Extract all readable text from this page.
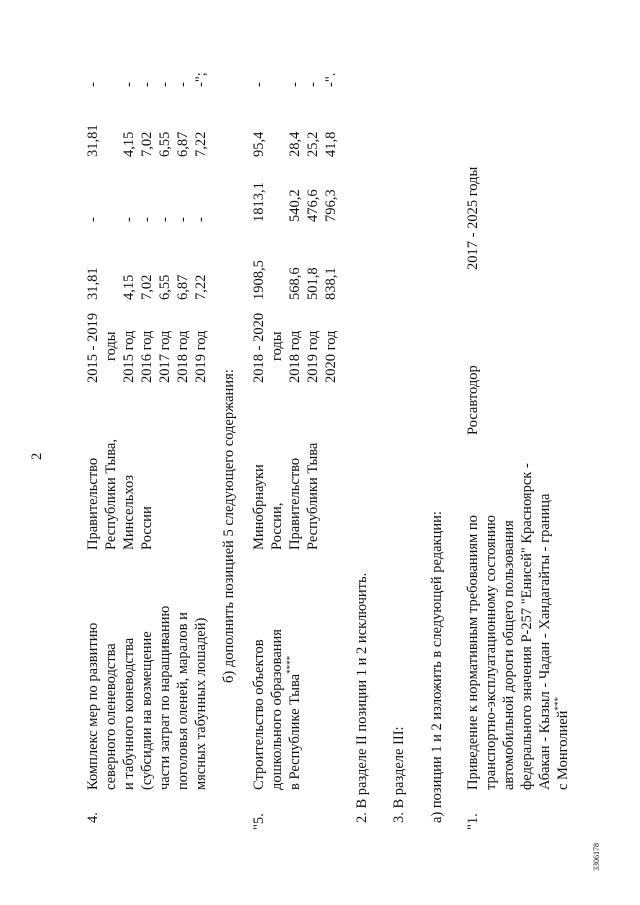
2
4.
Комплекс мер по развитию северного оленеводства и табунного коневодства (субсидии на возмещение части затрат по наращиванию поголовья оленей, маралов и мясных табунных лошадей)
Правительство Республики Тыва, Минсельхоз России
2015 - 2019 годы 2015 год 2016 год 2017 год 2018 год 2019 год
31,81 4,15 7,02 6,55 6,87 7,22
- - - - - -
31,81 4,15 7,02 6,55 6,87 7,22
- - - - - -";
б) дополнить позицией 5 следующего содержания:
"5.
Строительство объектов дошкольного образования в Республике Тыва****
Минобрнауки России, Правительство Республики Тыва
2018 - 2020 годы 2018 год 2019 год 2020 год
1908,5 568,6 501,8 838,1
1813,1 540,2 476,6 796,3
95,4 28,4 25,2 41,8
- - - -".
2. В разделе II позиции 1 и 2 исключить. 3. В разделе III: а) позиции 1 и 2 изложить в следующей редакции: "1.
Приведение к нормативным требованиям по транспортно-эксплуатационному состоянию автомобильной дороги общего пользования федерального значения Р-257 "Енисей" Красноярск - Абакан - Кызыл - Чадан - Хандагайты - граница с Монголией***
Росавтодор
2017 - 2025 годы
3306178
